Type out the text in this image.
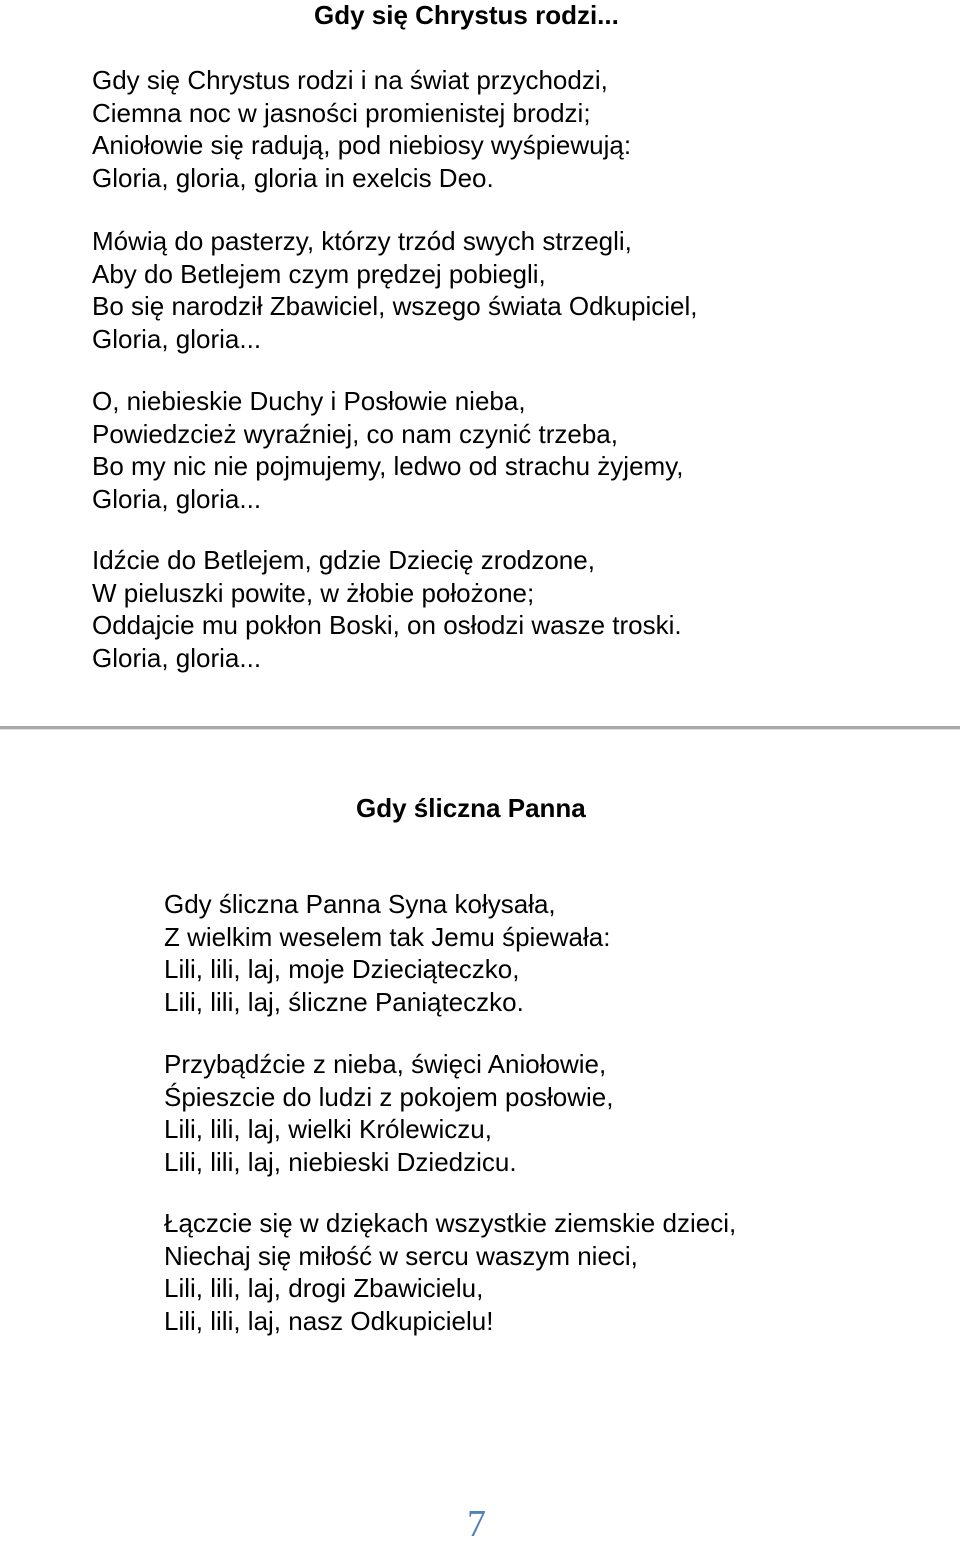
Gdy się Chrystus rodzi...
Gdy się Chrystus rodzi i na świat przychodzi,
Ciemna noc w jasności promienistej brodzi;
Aniołowie się radują, pod niebiosy wyśpiewują:
Gloria, gloria, gloria in exelcis Deo.
Mówią do pasterzy, którzy trzód swych strzegli,
Aby do Betlejem czym prędzej pobiegli,
Bo się narodził Zbawiciel, wszego świata Odkupiciel,
Gloria, gloria...
O, niebieskie Duchy i Posłowie nieba,
Powiedzcież wyraźniej, co nam czynić trzeba,
Bo my nic nie pojmujemy, ledwo od strachu żyjemy,
Gloria, gloria...
Idźcie do Betlejem, gdzie Dziecię zrodzone,
W pieluszki powite, w żłobie położone;
Oddajcie mu pokłon Boski, on osłodzi wasze troski.
Gloria, gloria...
Gdy śliczna Panna
Gdy śliczna Panna Syna kołysała,
Z wielkim weselem tak Jemu śpiewała:
Lili, lili, laj, moje Dzieciąteczko,
Lili, lili, laj, śliczne Paniąteczko.
Przybądźcie z nieba, święci Aniołowie,
Śpieszcie do ludzi z pokojem posłowie,
Lili, lili, laj, wielki Królewiczu,
Lili, lili, laj, niebieski Dziedzicu.
Łączcie się w dziękach wszystkie ziemskie dzieci,
Niechaj się miłość w sercu waszym nieci,
Lili, lili, laj, drogi Zbawicielu,
Lili, lili, laj, nasz Odkupicielu!
7
